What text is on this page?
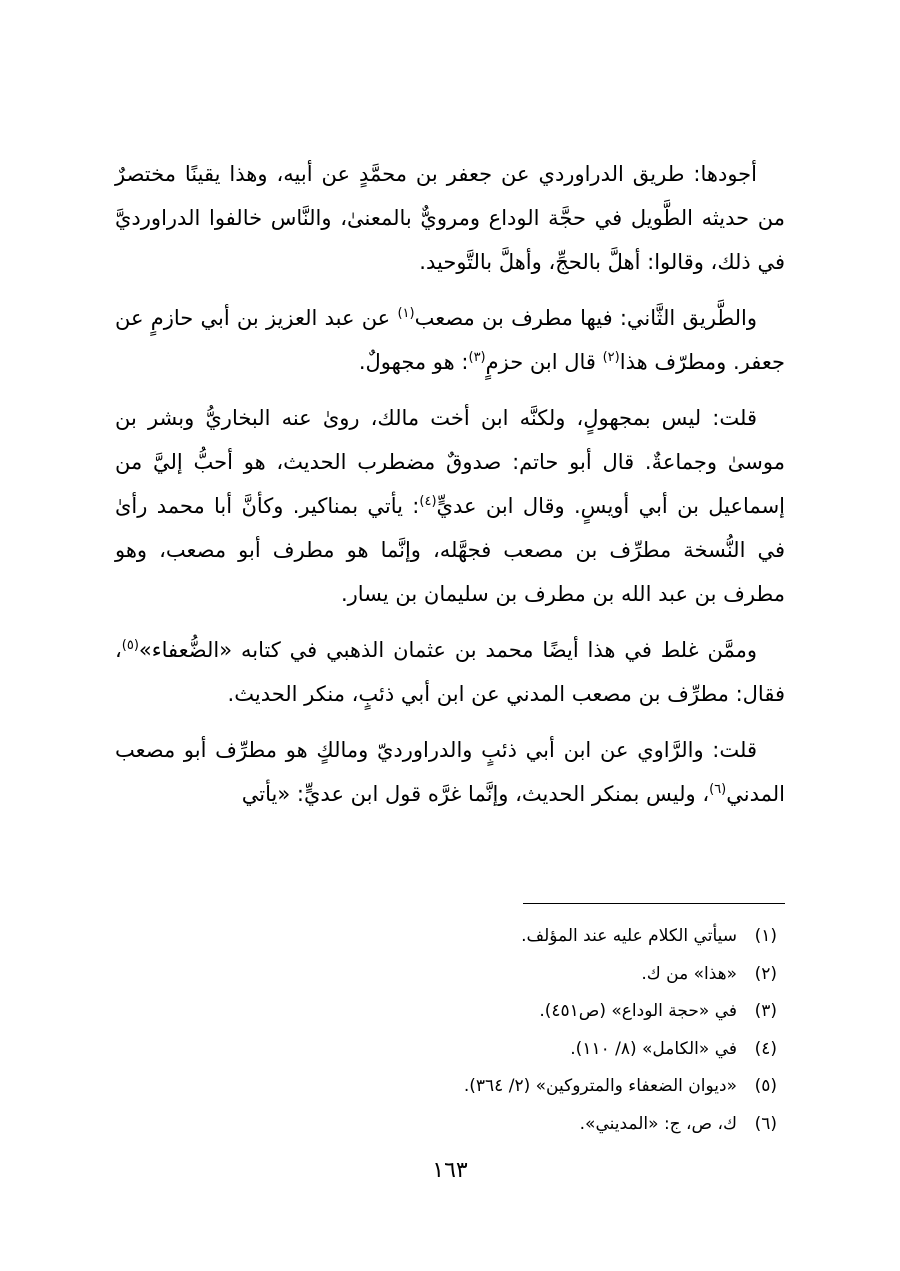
أجودها: طريق الدراوردي عن جعفر بن محمَّدٍ عن أبيه، وهذا يقينًا مختصرٌ من حديثه الطَّويل في حجَّة الوداع ومرويٌّ بالمعنىٰ، والنَّاس خالفوا الدراورديَّ في ذلك، وقالوا: أهلَّ بالحجِّ، وأهلَّ بالتَّوحيد.

والطَّريق الثَّاني: فيها مطرف بن مصعب$^{(١)}$ عن عبد العزيز بن أبي حازمٍ عن جعفر. ومطرّف هذا$^{(٢)}$ قال ابن حزمٍ$^{(٣)}$: هو مجهولٌ.

قلت: ليس بمجهولٍ، ولكنَّه ابن أخت مالك، روىٰ عنه البخاريُّ وبشر بن موسىٰ وجماعةٌ. قال أبو حاتم: صدوقٌ مضطرب الحديث، هو أحبُّ إليَّ من إسماعيل بن أبي أويسٍ. وقال ابن عديٍّ$^{(٤)}$: يأتي بمناكير. وكأنَّ أبا محمد رأىٰ في النُّسخة مطرِّف بن مصعب فجهَّله، وإنَّما هو مطرف أبو مصعب، وهو مطرف بن عبد الله بن مطرف بن سليمان بن يسار.

وممَّن غلط في هذا أيضًا محمد بن عثمان الذهبي في كتابه «الضُّعفاء»$^{(٥)}$، فقال: مطرِّف بن مصعب المدني عن ابن أبي ذئبٍ، منكر الحديث.

قلت: والرَّاوي عن ابن أبي ذئبٍ والدراورديّ ومالكٍ هو مطرِّف أبو مصعب المدني$^{(٦)}$، وليس بمنكر الحديث، وإنَّما غرَّه قول ابن عديٍّ: «يأتي

(١)
سيأتي الكلام عليه عند المؤلف.
(٢)
«هذا» من ك.
(٣)
في «حجة الوداع» (ص٤٥١).
(٤)
في «الكامل» (٨/ ١١٠).
(٥)
«ديوان الضعفاء والمتروكين» (٢/ ٣٦٤).
(٦)
ك، ص، ج: «المديني».
١٦٣
